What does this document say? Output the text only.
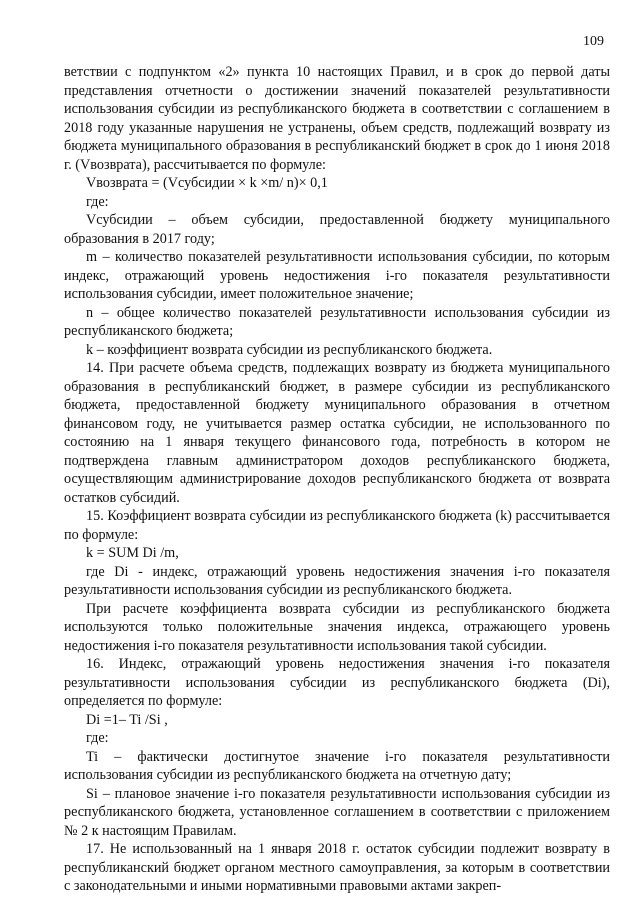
109

ветствии с подпунктом «2» пункта 10 настоящих Правил, и в срок до первой даты представления отчетности о достижении значений показателей результативности использования субсидии из республиканского бюджета в соответствии с соглашением в 2018 году указанные нарушения не устранены, объем средств, подлежащий возврату из бюджета муниципального образования в республиканский бюджет в срок до 1 июня 2018 г. (Vвозврата), рассчитывается по формуле:

Vвозврата = (Vсубсидии × k ×m/ n)× 0,1

где:

Vсубсидии – объем субсидии, предоставленной бюджету муниципального образования в 2017 году;

m – количество показателей результативности использования субсидии, по которым индекс, отражающий уровень недостижения i-го показателя результативности использования субсидии, имеет положительное значение;

n – общее количество показателей результативности использования субсидии из республиканского бюджета;

k – коэффициент возврата субсидии из республиканского бюджета.

14. При расчете объема средств, подлежащих возврату из бюджета муниципального образования в республиканский бюджет, в размере субсидии из республиканского бюджета, предоставленной бюджету муниципального образования в отчетном финансовом году, не учитывается размер остатка субсидии, не использованного по состоянию на 1 января текущего финансового года, потребность в котором не подтверждена главным администратором доходов республиканского бюджета, осуществляющим администрирование доходов республиканского бюджета от возврата остатков субсидий.

15. Коэффициент возврата субсидии из республиканского бюджета (k) рассчитывается по формуле:

k = SUM Di /m,

где Di - индекс, отражающий уровень недостижения значения i-го показателя результативности использования субсидии из республиканского бюджета.

При расчете коэффициента возврата субсидии из республиканского бюджета используются только положительные значения индекса, отражающего уровень недостижения i-го показателя результативности использования такой субсидии.

16. Индекс, отражающий уровень недостижения значения i-го показателя результативности использования субсидии из республиканского бюджета (Di), определяется по формуле:

Di =1– Ti /Si ,

где:

Ti – фактически достигнутое значение i-го показателя результативности использования субсидии из республиканского бюджета на отчетную дату;

Si – плановое значение i-го показателя результативности использования субсидии из республиканского бюджета, установленное соглашением в соответствии с приложением № 2 к настоящим Правилам.

17. Не использованный на 1 января 2018 г. остаток субсидии подлежит возврату в республиканский бюджет органом местного самоуправления, за которым в соответствии с законодательными и иными нормативными правовыми актами закреп-
